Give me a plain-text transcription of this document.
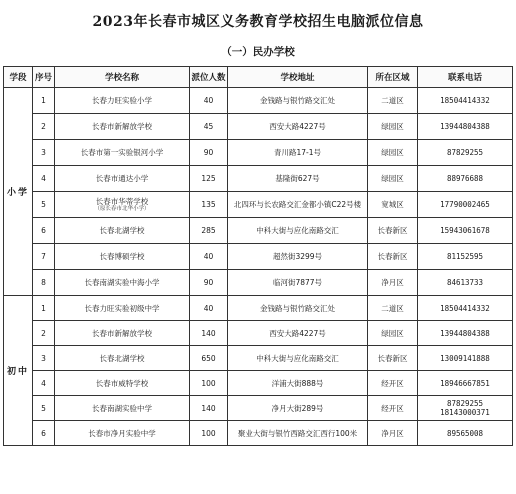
2023年长春市城区义务教育学校招生电脑派位信息
（一）民办学校
学段	序号	学校名称	派位人数	学校地址	所在区域	联系电话
小学	1	长春力旺实验小学	40	金钱路与银竹路交汇处	二道区	18504414332
	2	长春市新解放学校	45	西安大路4227号	绿园区	13944804388
	3	长春市第一实验银河小学	90	青川路17-1号	绿园区	87829255
	4	长春市通达小学	125	基隆街627号	绿园区	88976688
	5	长春市华蒂学校
（原长春市北华小学）	135	北四环与长农路交汇金都小镇C22号楼	宽城区	17790002465
	6	长春北湖学校	285	中科大街与应化南路交汇	长春新区	15943061678
	7	长春博硕学校	40	超然街3299号	长春新区	81152595
	8	长春南湖实验中海小学	90	临河街7877号	净月区	84613733
初中	1	长春力旺实验初级中学	40	金钱路与银竹路交汇处	二道区	18504414332
	2	长春市新解放学校	140	西安大路4227号	绿园区	13944804388
	3	长春北湖学校	650	中科大街与应化南路交汇	长春新区	13009141888
	4	长春市威特学校	100	洋浦大街888号	经开区	18946667851
	5	长春南湖实验中学	140	净月大街289号	经开区	87829255
18143000371

	6	长春市净月实验中学	100	聚业大街与银竹西路交汇西行100米	净月区	89565008
